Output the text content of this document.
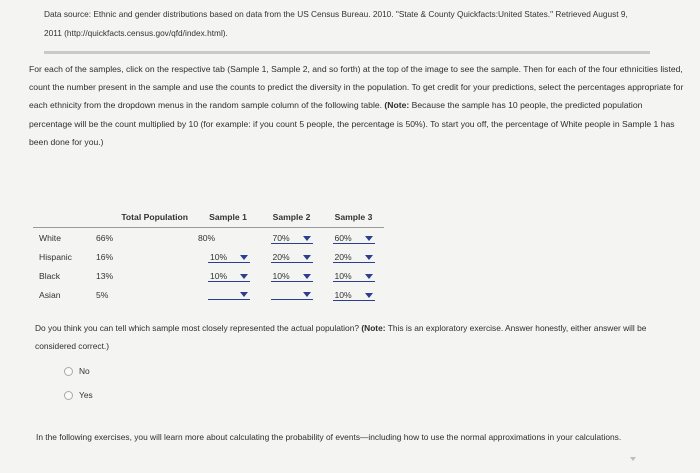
Data source: Ethnic and gender distributions based on data from the US Census Bureau. 2010. "State & County Quickfacts:United States." Retrieved August 9,
2011 (http://quickfacts.census.gov/qfd/index.html).
For each of the samples, click on the respective tab (Sample 1, Sample 2, and so forth) at the top of the image to see the sample. Then for each of the four ethnicities listed, count the number present in the sample and use the counts to predict the diversity in the population. To get credit for your predictions, select the percentages appropriate for each ethnicity from the dropdown menus in the random sample column of the following table. (Note: Because the sample has 10 people, the predicted population percentage will be the count multiplied by 10 (for example: if you count 5 people, the percentage is 50%). To start you off, the percentage of White people in Sample 1 has been done for you.)
	Total Population	Sample 1	Sample 2	Sample 3
White	66%	80%	70%	60%

Hispanic	16%	10%	20%	20%

Black	13%	10%	10%	10%

Asian	5%			10%
Do you think you can tell which sample most closely represented the actual population? (Note: This is an exploratory exercise. Answer honestly, either answer will be considered correct.)
No
Yes
In the following exercises, you will learn more about calculating the probability of events—including how to use the normal approximations in your calculations.
